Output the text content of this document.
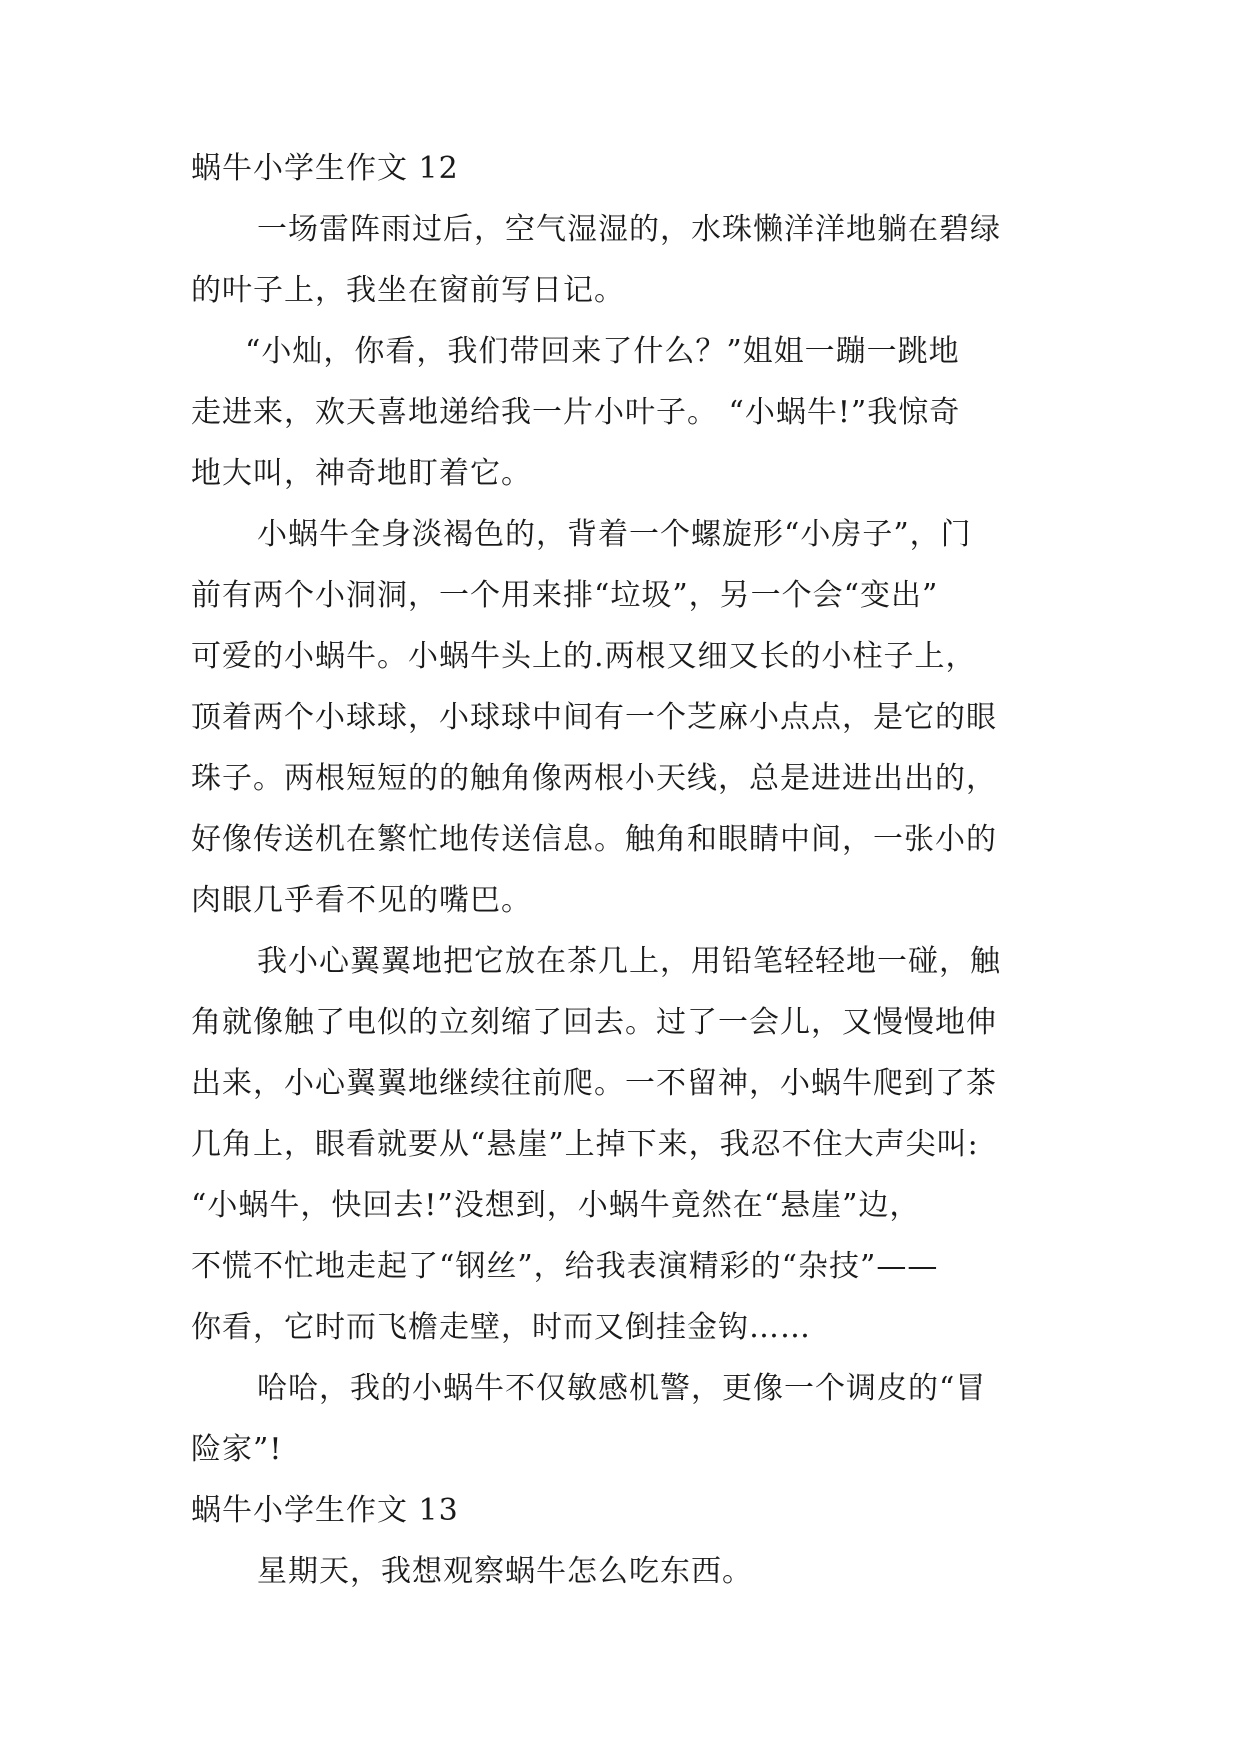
蜗牛小学生作文 12
一场雷阵雨过后，空气湿湿的，水珠懒洋洋地躺在碧绿
的叶子上，我坐在窗前写日记。
“小灿，你看，我们带回来了什么？”姐姐一蹦一跳地
走进来，欢天喜地递给我一片小叶子。 “小蜗牛!”我惊奇
地大叫，神奇地盯着它。
小蜗牛全身淡褐色的，背着一个螺旋形“小房子”，门
前有两个小洞洞，一个用来排“垃圾”，另一个会“变出”
可爱的小蜗牛。小蜗牛头上的.两根又细又长的小柱子上，
顶着两个小球球，小球球中间有一个芝麻小点点，是它的眼
珠子。两根短短的的触角像两根小天线，总是进进出出的，
好像传送机在繁忙地传送信息。触角和眼睛中间，一张小的
肉眼几乎看不见的嘴巴。
我小心翼翼地把它放在茶几上，用铅笔轻轻地一碰，触
角就像触了电似的立刻缩了回去。过了一会儿，又慢慢地伸
出来，小心翼翼地继续往前爬。一不留神，小蜗牛爬到了茶
几角上，眼看就要从“悬崖”上掉下来，我忍不住大声尖叫:
“小蜗牛，快回去!”没想到，小蜗牛竟然在“悬崖”边，
不慌不忙地走起了“钢丝”，给我表演精彩的“杂技”——
你看，它时而飞檐走壁，时而又倒挂金钩……
哈哈，我的小蜗牛不仅敏感机警，更像一个调皮的“冒
险家”!
蜗牛小学生作文 13
星期天，我想观察蜗牛怎么吃东西。
